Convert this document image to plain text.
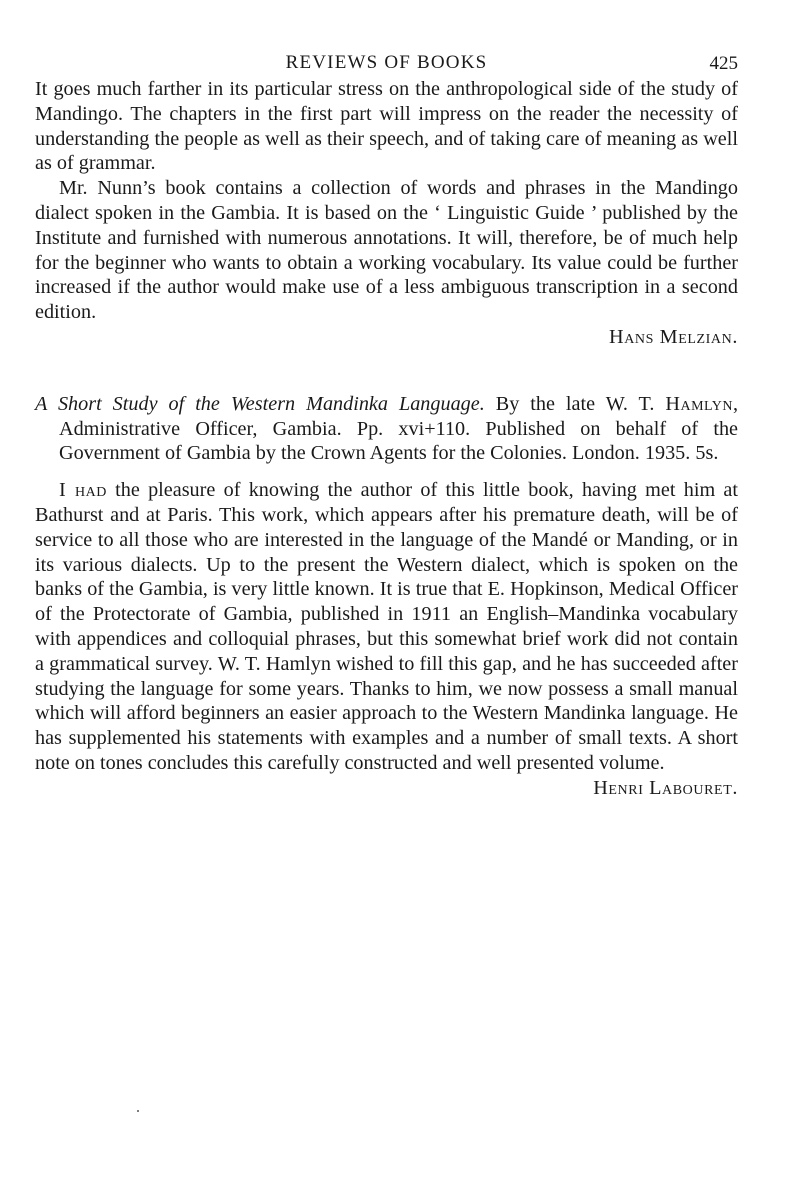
REVIEWS OF BOOKS	425

It goes much farther in its particular stress on the anthropological side of the study of Mandingo. The chapters in the first part will impress on the reader the necessity of understanding the people as well as their speech, and of taking care of meaning as well as of grammar.

Mr. Nunn’s book contains a collection of words and phrases in the Mandingo dialect spoken in the Gambia. It is based on the ‘ Linguistic Guide ’ published by the Institute and furnished with numerous annotations. It will, therefore, be of much help for the beginner who wants to obtain a working vocabulary. Its value could be further increased if the author would make use of a less ambiguous transcription in a second edition.

Hans Melzian.

A Short Study of the Western Mandinka Language. By the late W. T. Hamlyn, Administrative Officer, Gambia. Pp. xvi+110. Published on behalf of the Government of Gambia by the Crown Agents for the Colonies. London. 1935. 5s.

I had the pleasure of knowing the author of this little book, having met him at Bathurst and at Paris. This work, which appears after his premature death, will be of service to all those who are interested in the language of the Mandé or Manding, or in its various dialects. Up to the present the Western dialect, which is spoken on the banks of the Gambia, is very little known. It is true that E. Hopkinson, Medical Officer of the Protectorate of Gambia, published in 1911 an English–Mandinka vocabulary with appendices and colloquial phrases, but this somewhat brief work did not contain a grammatical survey. W. T. Hamlyn wished to fill this gap, and he has succeeded after studying the language for some years. Thanks to him, we now possess a small manual which will afford beginners an easier approach to the Western Mandinka language. He has supplemented his statements with examples and a number of small texts. A short note on tones concludes this carefully constructed and well presented volume.

Henri Labouret.
